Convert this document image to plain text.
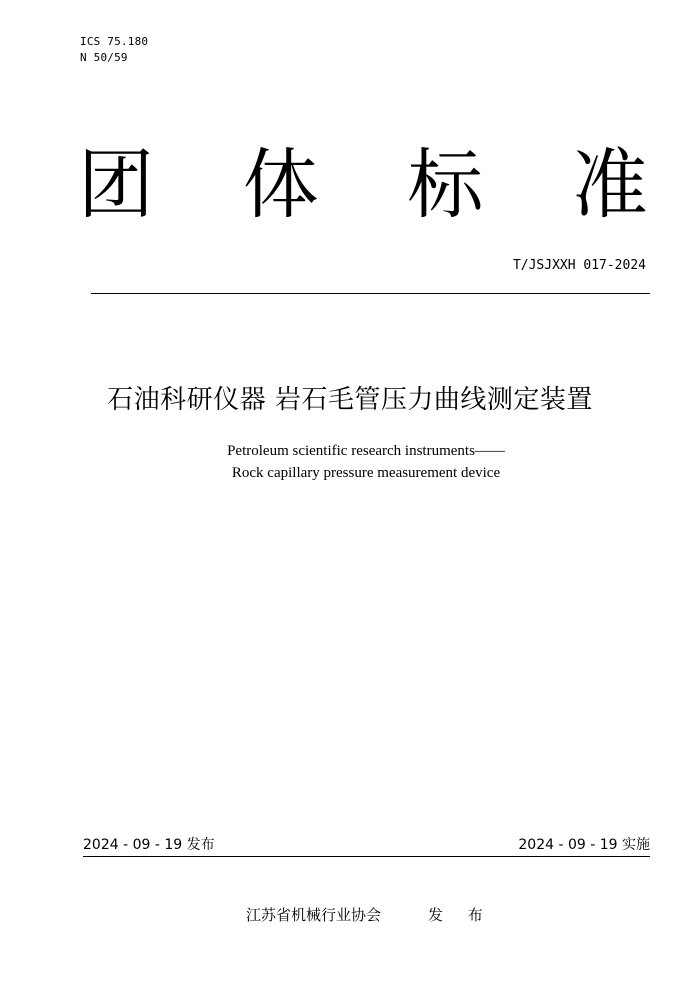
ICS 75.180
N 50/59
团 体 标 准
T/JSJXXH 017-2024
石油科研仪器 岩石毛管压力曲线测定装置
Petroleum scientific research instruments——
Rock capillary pressure measurement device
2024 - 09 - 19 发布	2024 - 09 - 19 实施
江苏省机械行业协会	发 布
